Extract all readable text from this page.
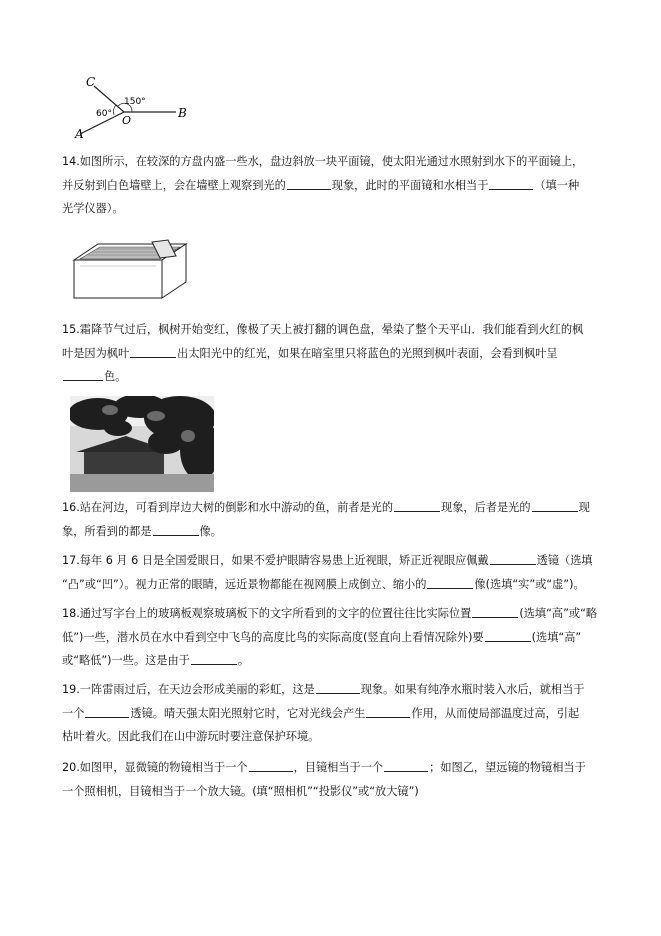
C
O
A
B
60°
150°

14.如图所示，在较深的方盘内盛一些水，盘边斜放一块平面镜，使太阳光通过水照射到水下的平面镜上，

并反射到白色墙壁上，会在墙壁上观察到光的	现象，此时的平面镜和水相当于	（填一种

光学仪器）。

15.霜降节气过后，枫树开始变红，像极了天上被打翻的调色盘，晕染了整个天平山．我们能看到火红的枫

叶是因为枫叶	出太阳光中的红光，如果在暗室里只将蓝色的光照到枫叶表面，会看到枫叶呈

色。

16.站在河边，可看到岸边大树的倒影和水中游动的鱼，前者是光的	现象，后者是光的	现

象，所看到的都是	像。

17.每年 6 月 6 日是全国爱眼日，如果不爱护眼睛容易患上近视眼，矫正近视眼应佩戴	透镜（选填

“凸”或“凹”）。视力正常的眼睛，远近景物都能在视网膜上成倒立、缩小的	像(选填“实”或“虚”)。

18.通过写字台上的玻璃板观察玻璃板下的文字所看到的文字的位置往往比实际位置	(选填“高”或“略

低”)一些，潜水员在水中看到空中飞鸟的高度比鸟的实际高度(竖直向上看情况除外)要	(选填“高”

或“略低”)一些。这是由于	。

19.一阵雷雨过后，在天边会形成美丽的彩虹，这是	现象。如果有纯净水瓶时装入水后，就相当于

一个	透镜。晴天强太阳光照射它时，它对光线会产生	作用，从而使局部温度过高，引起

枯叶着火。因此我们在山中游玩时要注意保护环境。

20.如图甲，显微镜的物镜相当于一个	，目镜相当于一个	；如图乙，望远镜的物镜相当于

一个照相机，目镜相当于一个放大镜。(填“照相机”“投影仪”或“放大镜”)
